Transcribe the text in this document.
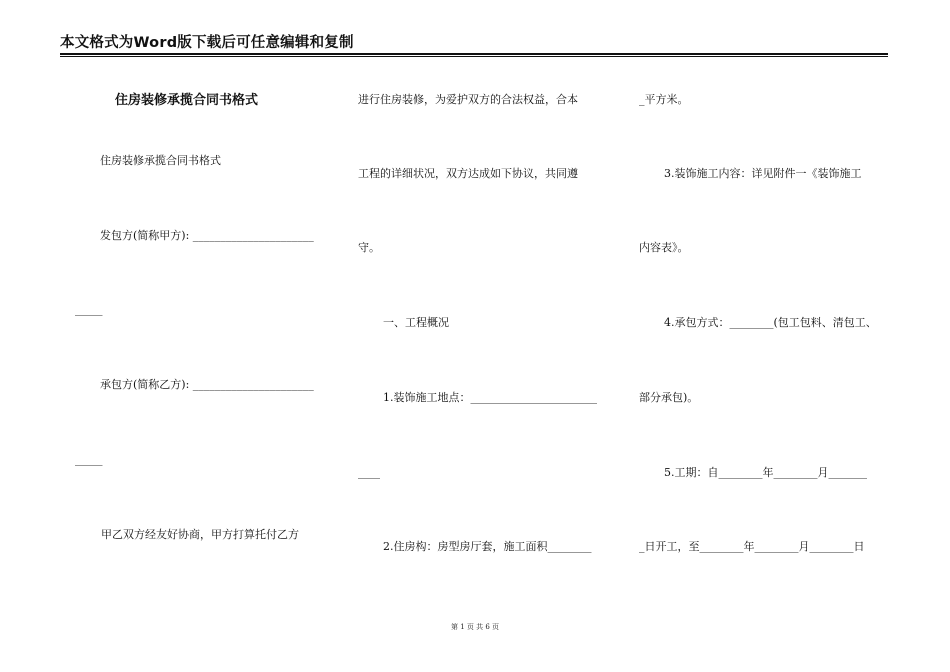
本文格式为Word版下载后可任意编辑和复制
住房装修承揽合同书格式
住房装修承揽合同书格式
发包方(简称甲方): ______________________
_____
承包方(简称乙方): ______________________
_____
甲乙双方经友好协商，甲方打算托付乙方
进行住房装修，为爱护双方的合法权益，合本
工程的详细状况，双方达成如下协议，共同遵
守。
一、工程概况
1.装饰施工地点：_______________________
____
2.住房构：房型房厅套，施工面积________
_平方米。
3.装饰施工内容：详见附件一《装饰施工
内容表》。
4.承包方式：________(包工包料、清包工、
部分承包)。
5.工期：自________年________月_______
_日开工，至________年________月________日
第 1 页 共 6 页
